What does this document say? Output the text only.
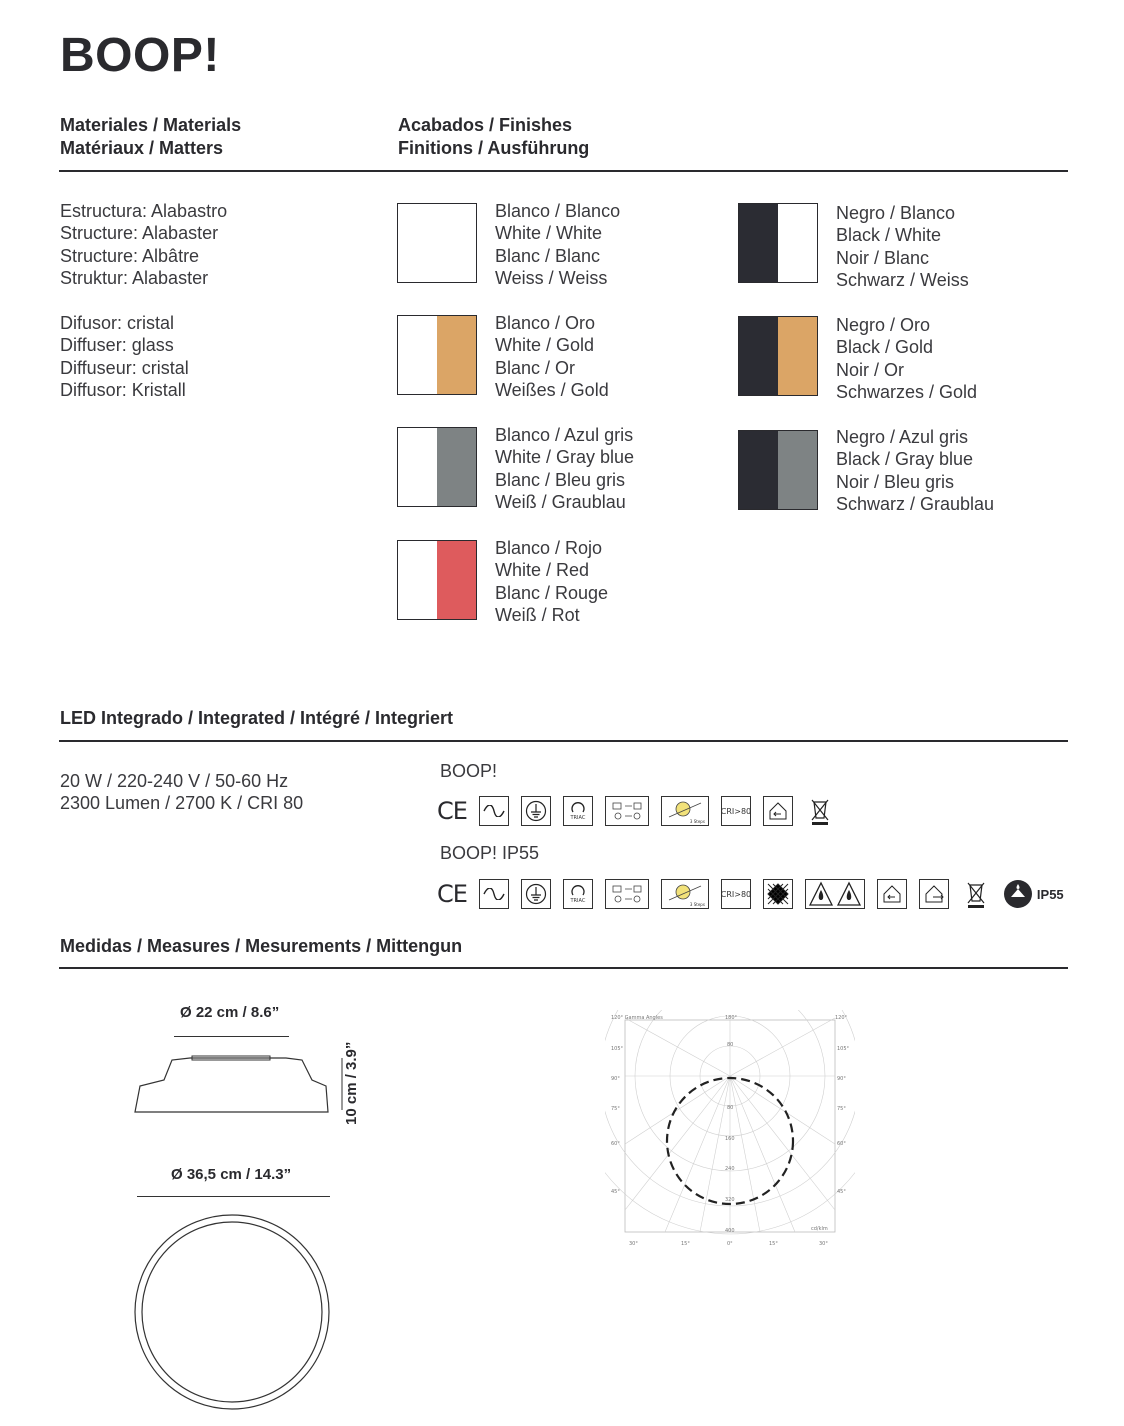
BOOP!
Materiales / Materials
Matériaux / Matters
Acabados / Finishes
Finitions / Ausführung
Estructura: Alabastro
Structure: Alabaster
Structure: Albâtre
Struktur: Alabaster
Difusor: cristal
Diffuser: glass
Diffuseur: cristal
Diffusor: Kristall
Blanco / Blanco
White / White
Blanc / Blanc
Weiss / Weiss
Negro / Blanco
Black / White
Noir / Blanc
Schwarz / Weiss
Blanco / Oro
White / Gold
Blanc / Or
Weißes / Gold
Negro / Oro
Black / Gold
Noir / Or
Schwarzes / Gold
Blanco / Azul gris
White / Gray blue
Blanc / Bleu gris
Weiß / Graublau
Negro / Azul gris
Black / Gray blue
Noir / Bleu gris
Schwarz / Graublau
Blanco / Rojo
White / Red
Blanc / Rouge
Weiß / Rot
LED Integrado / Integrated / Intégré / Integriert
20 W / 220-240 V / 50-60 Hz
2300 Lumen / 2700 K / CRI 80
BOOP!
CE	TRIAC	3 Steps
CRI>80
BOOP! IP55
CE	TRIAC	3 Steps
CRI>80	IP55
Medidas / Measures / Mesurements / Mittengun
Ø 22 cm / 8.6”
10 cm / 3.9”
Ø 36,5 cm / 14.3”
120° Gamma Angles	180°	120°
105°
90°
75°
60°
45°
105°
90°
75°
60°
45°
80
80
160
240
320
400	cd/klm
30°	15°	0°	15°	30°
